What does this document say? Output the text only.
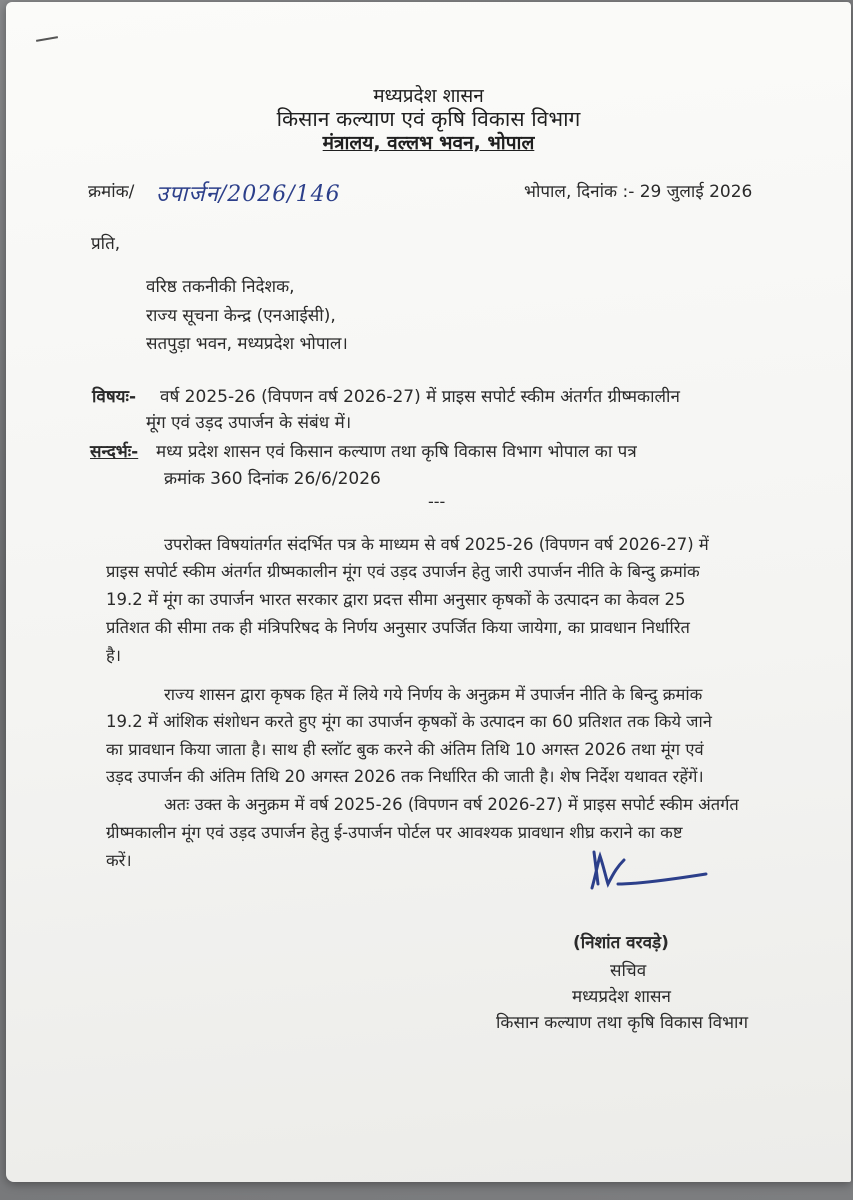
मध्यप्रदेश शासन
किसान कल्याण एवं कृषि विकास विभाग
मंत्रालय, वल्लभ भवन, भोपाल
क्रमांक/ उपार्जन/2026/146	भोपाल, दिनांक :- 29 जुलाई 2026
प्रति,
वरिष्ठ तकनीकी निदेशक,
राज्य सूचना केन्द्र (एनआईसी),
सतपुड़ा भवन, मध्यप्रदेश भोपाल।
विषयः- वर्ष 2025-26 (विपणन वर्ष 2026-27) में प्राइस सपोर्ट स्कीम अंतर्गत ग्रीष्मकालीन
मूंग एवं उड़द उपार्जन के संबंध में।
सन्दर्भः- मध्य प्रदेश शासन एवं किसान कल्याण तथा कृषि विकास विभाग भोपाल का पत्र
क्रमांक 360 दिनांक 26/6/2026
---
उपरोक्त विषयांतर्गत संदर्भित पत्र के माध्यम से वर्ष 2025-26 (विपणन वर्ष 2026-27) में
प्राइस सपोर्ट स्कीम अंतर्गत ग्रीष्मकालीन मूंग एवं उड़द उपार्जन हेतु जारी उपार्जन नीति के बिन्दु क्रमांक
19.2 में मूंग का उपार्जन भारत सरकार द्वारा प्रदत्त सीमा अनुसार कृषकों के उत्पादन का केवल 25
प्रतिशत की सीमा तक ही मंत्रिपरिषद के निर्णय अनुसार उपर्जित किया जायेगा, का प्रावधान निर्धारित
है।
राज्य शासन द्वारा कृषक हित में लिये गये निर्णय के अनुक्रम में उपार्जन नीति के बिन्दु क्रमांक
19.2 में आंशिक संशोधन करते हुए मूंग का उपार्जन कृषकों के उत्पादन का 60 प्रतिशत तक किये जाने
का प्रावधान किया जाता है। साथ ही स्लॉट बुक करने की अंतिम तिथि 10 अगस्त 2026 तथा मूंग एवं
उड़द उपार्जन की अंतिम तिथि 20 अगस्त 2026 तक निर्धारित की जाती है। शेष निर्देश यथावत रहेंगें।
अतः उक्त के अनुक्रम में वर्ष 2025-26 (विपणन वर्ष 2026-27) में प्राइस सपोर्ट स्कीम अंतर्गत
ग्रीष्मकालीन मूंग एवं उड़द उपार्जन हेतु ई-उपार्जन पोर्टल पर आवश्यक प्रावधान शीघ्र कराने का कष्ट
करें।
(निशांत वरवड़े)
सचिव
मध्यप्रदेश शासन
किसान कल्याण तथा कृषि विकास विभाग
